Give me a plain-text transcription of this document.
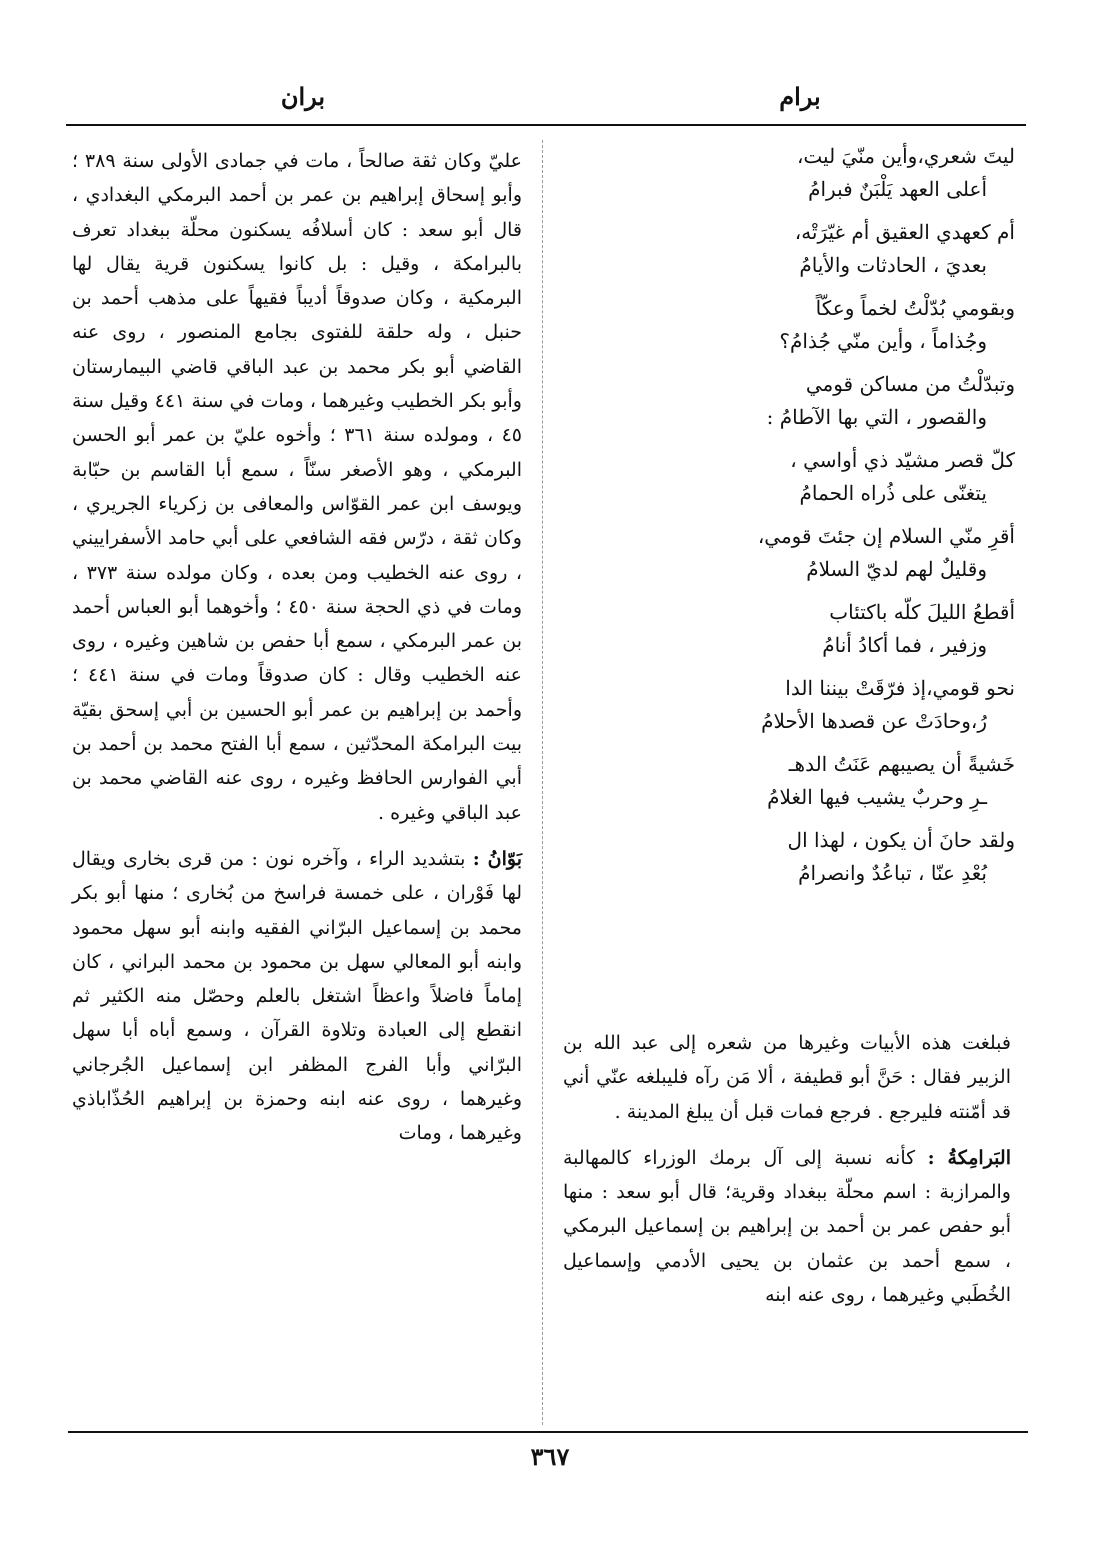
برام
بران
ليتَ شعري،وأين منّيَ ليت،
أعلى العهد يَلْبَنٌ فبرامُ
أم كعهدي العقيق أم غيّرَتْه،
بعديَ ، الحادثات والأيامُ
وبقومي بُدّلْتُ لخماً وعكّاً
وجُذاماً ، وأين منّي جُذامُ؟
وتبدّلْتُ من مساكن قومي
والقصور ، التي بها الآطامُ :
كلّ قصر مشيّد ذي أواسي ،
يتغنّى على ذُراه الحمامُ
أقرِ منّي السلام إن جئتَ قومي،
وقليلٌ لهم لديّ السلامُ
أقطعُ الليلَ كلّه باكتئاب
وزفير ، فما أكادُ أنامُ
نحو قومي،إذ فرّقَتْ بيننا الدا
رُ،وحادَتْ عن قصدها الأحلامُ
خَشيةً أن يصيبهم عَنَتُ الدهـ
ـرِ وحربٌ يشيب فيها الغلامُ
ولقد حانَ أن يكون ، لهذا ال
بُعْدِ عنّا ، تباعُدٌ وانصرامُ

فبلغت هذه الأبيات وغيرها من شعره إلى عبد الله بن الزبير فقال : حَنَّ أبو قطيفة ، ألا مَن رآه فليبلغه عنّي أني قد أمّنته فليرجع . فرجع فمات قبل أن يبلغ المدينة .

البَرامِكةُ : كأنه نسبة إلى آل برمك الوزراء كالمهالبة والمرازبة : اسم محلّة ببغداد وقرية؛ قال أبو سعد : منها أبو حفص عمر بن أحمد بن إبراهيم بن إسماعيل البرمكي ، سمع أحمد بن عثمان بن يحيى الأدمي وإسماعيل الخُطَبي وغيرهما ، روى عنه ابنه

عليّ وكان ثقة صالحاً ، مات في جمادى الأولى سنة ٣٨٩ ؛ وأبو إسحاق إبراهيم بن عمر بن أحمد البرمكي البغدادي ، قال أبو سعد : كان أسلافُه يسكنون محلّة ببغداد تعرف بالبرامكة ، وقيل : بل كانوا يسكنون قرية يقال لها البرمكية ، وكان صدوقاً أديباً فقيهاً على مذهب أحمد بن حنبل ، وله حلقة للفتوى بجامع المنصور ، روى عنه القاضي أبو بكر محمد بن عبد الباقي قاضي البيمارستان وأبو بكر الخطيب وغيرهما ، ومات في سنة ٤٤١ وقيل سنة ٤٥ ، ومولده سنة ٣٦١ ؛ وأخوه عليّ بن عمر أبو الحسن البرمكي ، وهو الأصغر سنّاً ، سمع أبا القاسم بن حبّابة ويوسف ابن عمر القوّاس والمعافى بن زكرياء الجريري ، وكان ثقة ، درّس فقه الشافعي على أبي حامد الأسفراييني ، روى عنه الخطيب ومن بعده ، وكان مولده سنة ٣٧٣ ، ومات في ذي الحجة سنة ٤٥٠ ؛ وأخوهما أبو العباس أحمد بن عمر البرمكي ، سمع أبا حفص بن شاهين وغيره ، روى عنه الخطيب وقال : كان صدوقاً ومات في سنة ٤٤١ ؛ وأحمد بن إبراهيم بن عمر أبو الحسين بن أبي إسحق بقيّة بيت البرامكة المحدّثين ، سمع أبا الفتح محمد بن أحمد بن أبي الفوارس الحافظ وغيره ، روى عنه القاضي محمد بن عبد الباقي وغيره .

بَوّانُ : بتشديد الراء ، وآخره نون : من قرى بخارى ويقال لها فَوْران ، على خمسة فراسخ من بُخارى ؛ منها أبو بكر محمد بن إسماعيل البرّاني الفقيه وابنه أبو سهل محمود وابنه أبو المعالي سهل بن محمود بن محمد البراني ، كان إماماً فاضلاً واعظاً اشتغل بالعلم وحصّل منه الكثير ثم انقطع إلى العبادة وتلاوة القرآن ، وسمع أباه أبا سهل البرّاني وأبا الفرج المظفر ابن إسماعيل الجُرجاني وغيرهما ، روى عنه ابنه وحمزة بن إبراهيم الحُذّاباذي وغيرهما ، ومات

٣٦٧
